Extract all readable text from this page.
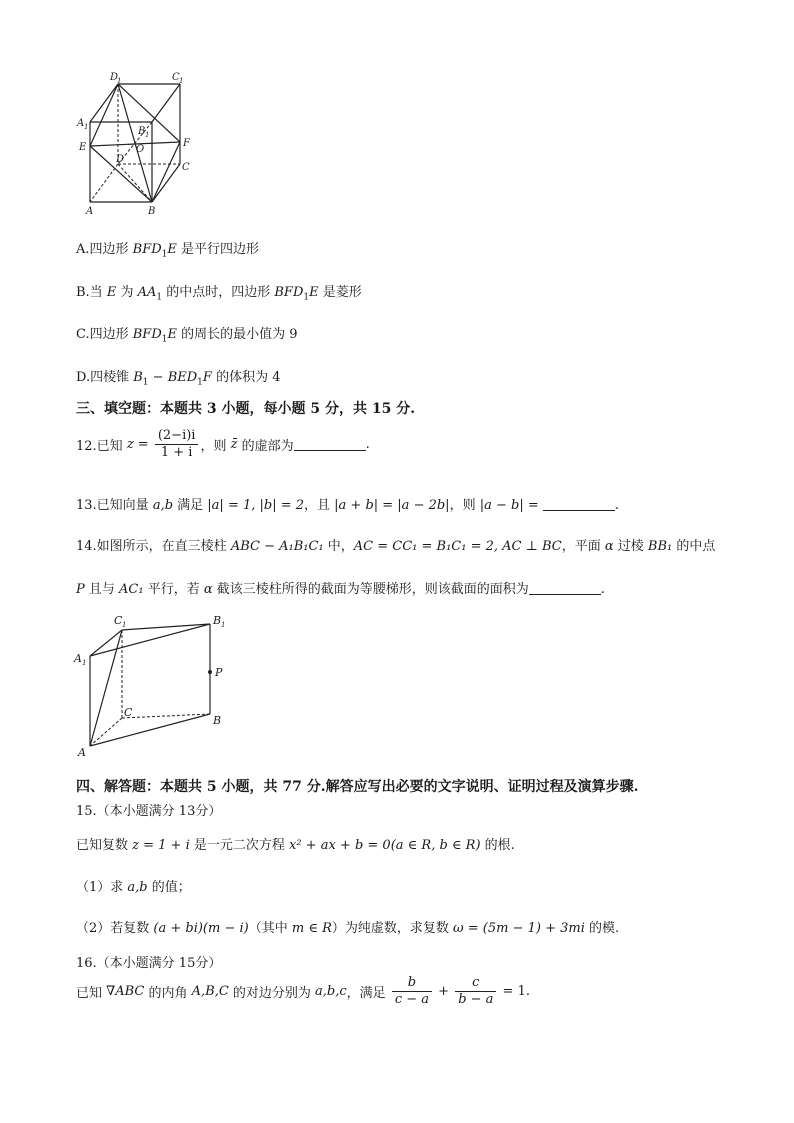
D
1	C 1
A 1	B 1
E
D
O
F
C
A	B
A.四边形 $BFD_1E$ 是平行四边形
B.当 E 为 $AA_1$ 的中点时，四边形 $BFD_1E$ 是菱形
C.四边形 $BFD_1E$ 的周长的最小值为 9
D.四棱锥 $B_1 - BED_1F$ 的体积为 4
三、填空题：本题共 3 小题，每小题 5 分，共 15 分.
12.已知 $z = \frac{(2-i)i}{1 + i}$ ，则 z̄ 的虚部为	.
13.已知向量 a,b 满足 |a| = 1, |b| = 2，且 |a + b| = |a − 2b|，则 |a − b| =	.
14.如图所示，在直三棱柱 ABC − A₁B₁C₁ 中，AC = CC₁ = B₁C₁ = 2, AC ⊥ BC，平面 α 过棱 BB₁ 的中点
P 且与 AC₁ 平行，若 α 截该三棱柱所得的截面为等腰梯形，则该截面的面积为	.
C 1	B 1
A 1
P
C
B
A
四、解答题：本题共 5 小题，共 77 分.解答应写出必要的文字说明、证明过程及演算步骤.
15.（本小题满分 13分）
已知复数 z = 1 + i 是一元二次方程 x² + ax + b = 0(a ∈ R, b ∈ R) 的根.
（1）求 a,b 的值；
（2）若复数 (a + bi)(m − i)（其中 m ∈ R）为纯虚数，求复数 ω = (5m − 1) + 3mi 的模.
16.（本小题满分 15分）
已知 ∇ABC 的内角 A,B,C 的对边分别为 a,b,c，满足 $\frac{b}{c - a} + \frac{c}{b - a} = 1$.
